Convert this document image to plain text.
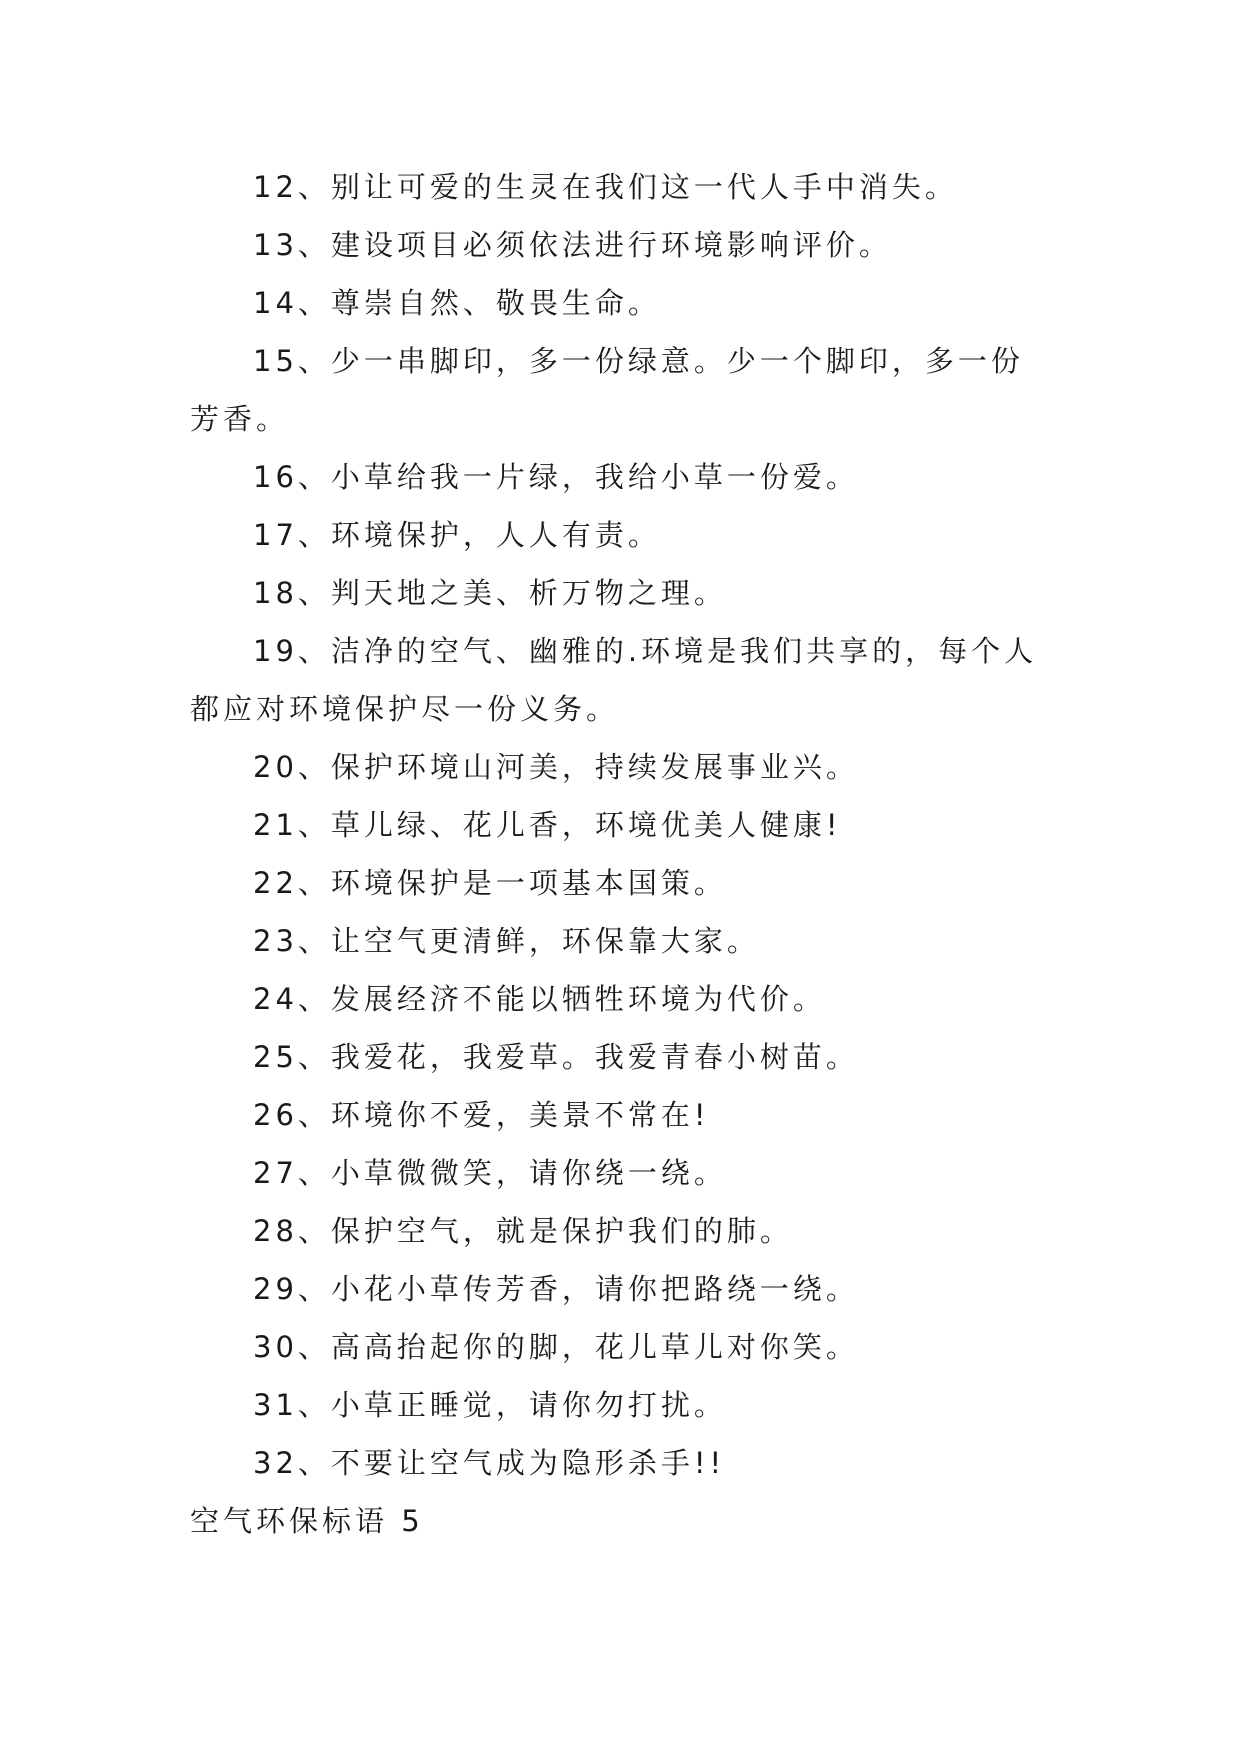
12、别让可爱的生灵在我们这一代人手中消失。

13、建设项目必须依法进行环境影响评价。

14、尊崇自然、敬畏生命。

15、少一串脚印，多一份绿意。少一个脚印，多一份芳香。

16、小草给我一片绿，我给小草一份爱。

17、环境保护，人人有责。

18、判天地之美、析万物之理。

19、洁净的空气、幽雅的.环境是我们共享的，每个人都应对环境保护尽一份义务。

20、保护环境山河美，持续发展事业兴。

21、草儿绿、花儿香，环境优美人健康!

22、环境保护是一项基本国策。

23、让空气更清鲜，环保靠大家。

24、发展经济不能以牺牲环境为代价。

25、我爱花，我爱草。我爱青春小树苗。

26、环境你不爱，美景不常在!

27、小草微微笑，请你绕一绕。

28、保护空气，就是保护我们的肺。

29、小花小草传芳香，请你把路绕一绕。

30、高高抬起你的脚，花儿草儿对你笑。

31、小草正睡觉，请你勿打扰。

32、不要让空气成为隐形杀手!!

空气环保标语 5
